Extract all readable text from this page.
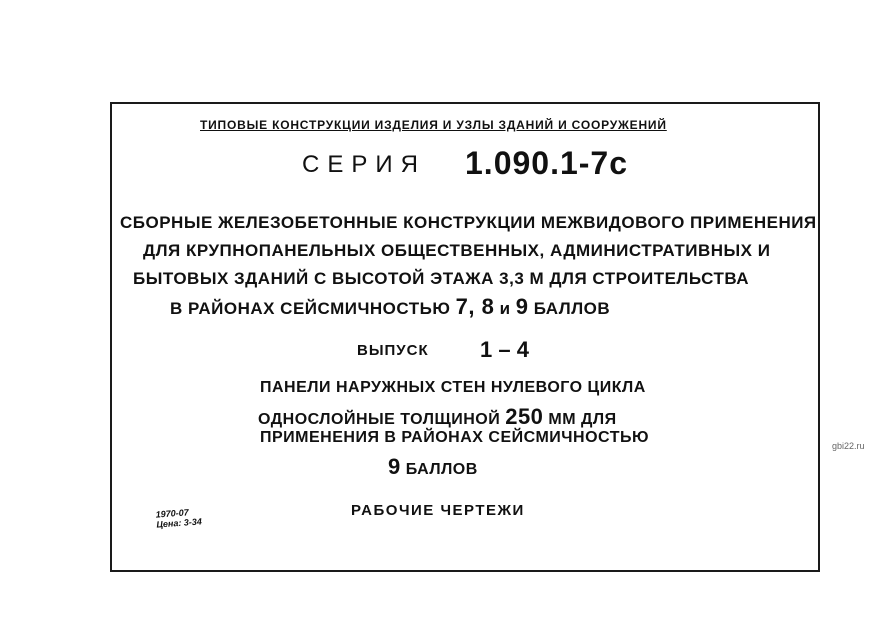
ТИПОВЫЕ КОНСТРУКЦИИ ИЗДЕЛИЯ И УЗЛЫ ЗДАНИЙ И СООРУЖЕНИЙ
СЕРИЯ 1.090.1-7с
СБОРНЫЕ ЖЕЛЕЗОБЕТОННЫЕ КОНСТРУКЦИИ МЕЖВИДОВОГО ПРИМЕНЕНИЯ
ДЛЯ КРУПНОПАНЕЛЬНЫХ ОБЩЕСТВЕННЫХ, АДМИНИСТРАТИВНЫХ И
БЫТОВЫХ ЗДАНИЙ С ВЫСОТОЙ ЭТАЖА 3,3 М ДЛЯ СТРОИТЕЛЬСТВА
В РАЙОНАХ СЕЙСМИЧНОСТЬЮ 7, 8 и 9 БАЛЛОВ
ВЫПУСК 1 – 4
ПАНЕЛИ НАРУЖНЫХ СТЕН НУЛЕВОГО ЦИКЛА
ОДНОСЛОЙНЫЕ ТОЛЩИНОЙ 250 ММ ДЛЯ
ПРИМЕНЕНИЯ В РАЙОНАХ СЕЙСМИЧНОСТЬЮ
9 БАЛЛОВ
РАБОЧИЕ ЧЕРТЕЖИ
1970-07
Цена: 3-34
gbi22.ru
